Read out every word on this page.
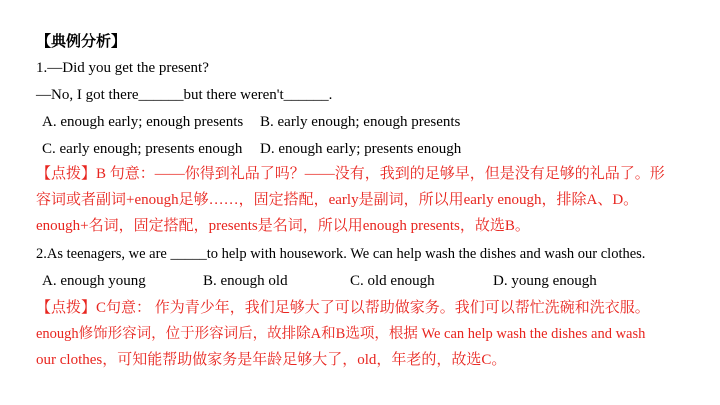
【典例分析】
1.—Did you get the present?
—No, I got there______but there weren't______.
A. enough early; enough presents B. early enough; enough presents
C. early enough; presents enough D. enough early; presents enough
【点拨】B 句意：——你得到礼品了吗？——没有，我到的足够早，但是没有足够的礼品了。形
容词或者副词+enough足够……，固定搭配，early是副词，所以用early enough，排除A、D。
enough+名词，固定搭配，presents是名词，所以用enough presents，故选B。
2.As teenagers, we are _____to help with housework. We can help wash the dishes and wash our clothes.
A. enough young	B. enough old	C. old enough	D. young enough
【点拨】C句意： 作为青少年，我们足够大了可以帮助做家务。我们可以帮忙洗碗和洗衣服。
enough修饰形容词，位于形容词后，故排除A和B选项，根据 We can help wash the dishes and wash
our clothes，可知能帮助做家务是年龄足够大了，old，年老的，故选C。
